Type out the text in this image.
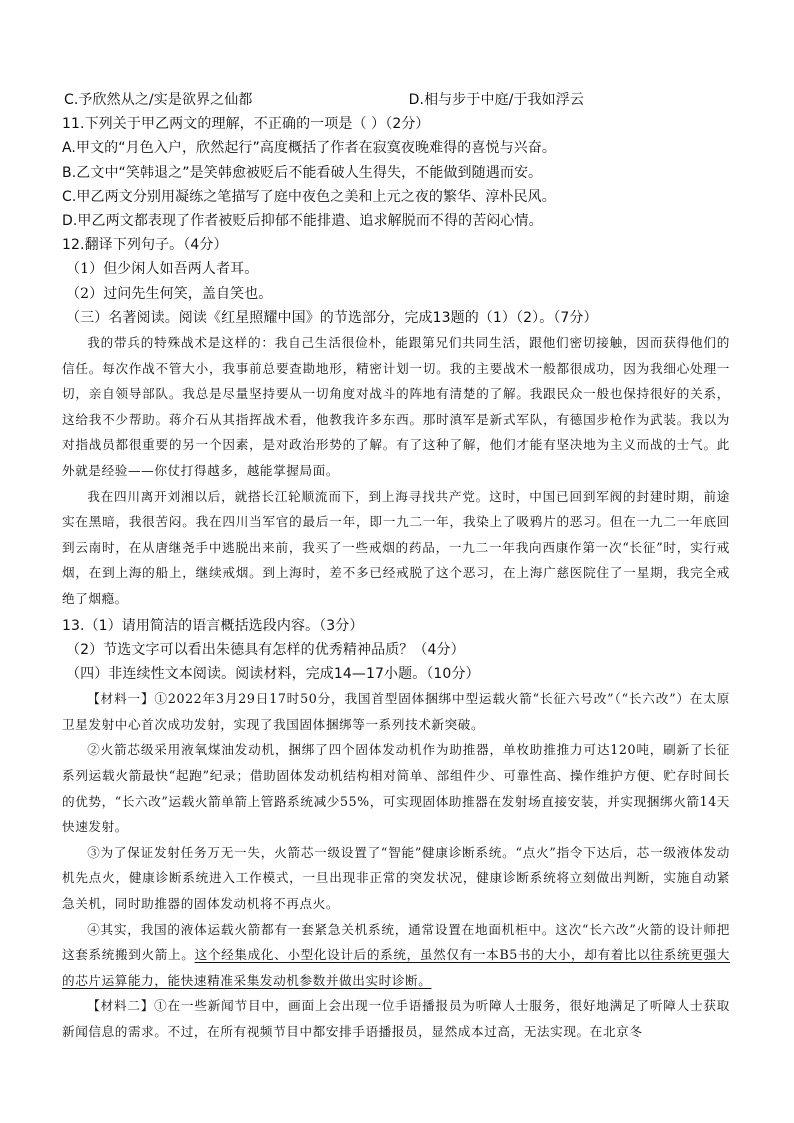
C.予欣然从之/实是欲界之仙都	D.相与步于中庭/于我如浮云
11.下列关于甲乙两文的理解，不正确的一项是（ ）（2分）
A.甲文的“月色入户，欣然起行”高度概括了作者在寂寞夜晚难得的喜悦与兴奋。
B.乙文中“笑韩退之”是笑韩愈被贬后不能看破人生得失，不能做到随遇而安。
C.甲乙两文分别用凝练之笔描写了庭中夜色之美和上元之夜的繁华、淳朴民风。
D.甲乙两文都表现了作者被贬后抑郁不能排遣、追求解脱而不得的苦闷心情。
12.翻译下列句子。（4分）
（1）但少闲人如吾两人者耳。
（2）过问先生何笑，盖自笑也。
（三）名著阅读。阅读《红星照耀中国》的节选部分，完成13题的（1）（2）。（7分）

我的带兵的特殊战术是这样的：我自己生活很俭朴，能跟第兄们共同生活，跟他们密切接触，因而获得他们的信任。每次作战不管大小，我事前总要查勘地形，精密计划一切。我的主要战术一般都很成功，因为我细心处理一切，亲自领导部队。我总是尽量坚持要从一切角度对战斗的阵地有清楚的了解。我跟民众一般也保持很好的关系，这给我不少帮助。蒋介石从其指挥战术看，他教我许多东西。那时滇军是新式军队，有德国步枪作为武装。我以为对指战员都很重要的另一个因素，是对政治形势的了解。有了这种了解，他们才能有坚决地为主义而战的士气。此外就是经验——你仗打得越多，越能掌握局面。

我在四川离开刘湘以后，就搭长江轮顺流而下，到上海寻找共产党。这时，中国已回到军阀的封建时期，前途实在黑暗，我很苦闷。我在四川当军官的最后一年，即一九二一年，我染上了吸鸦片的恶习。但在一九二一年底回到云南时，在从唐继尧手中逃脱出来前，我买了一些戒烟的药品，一九二一年我向西康作第一次“长征”时，实行戒烟，在到上海的船上，继续戒烟。到上海时，差不多已经戒脱了这个恶习，在上海广慈医院住了一星期，我完全戒绝了烟瘾。

13.（1）请用简洁的语言概括选段内容。（3分）
（2）节选文字可以看出朱德具有怎样的优秀精神品质？（4分）
（四）非连续性文本阅读。阅读材料，完成14—17小题。（10分）

【材料一】①2022年3月29日17时50分，我国首型固体捆绑中型运载火箭“长征六号改”（“长六改”）在太原卫星发射中心首次成功发射，实现了我国固体捆绑等一系列技术新突破。

②火箭芯级采用液氧煤油发动机，捆绑了四个固体发动机作为助推器，单枚助推推力可达120吨，刷新了长征系列运载火箭最快“起跑”纪录；借助固体发动机结构相对简单、部组件少、可靠性高、操作维护方便、贮存时间长的优势，“长六改”运载火箭单箭上管路系统减少55%，可实现固体助推器在发射场直接安装，并实现捆绑火箭14天快速发射。

③为了保证发射任务万无一失，火箭芯一级设置了“智能”健康诊断系统。“点火”指令下达后，芯一级液体发动机先点火，健康诊断系统进入工作模式，一旦出现非正常的突发状况，健康诊断系统将立刻做出判断，实施自动紧急关机，同时助推器的固体发动机将不再点火。

④其实，我国的液体运载火箭都有一套紧急关机系统，通常设置在地面机柜中。这次“长六改”火箭的设计师把这套系统搬到火箭上。这个经集成化、小型化设计后的系统，虽然仅有一本B5书的大小，却有着比以往系统更强大的芯片运算能力，能快速精准采集发动机参数并做出实时诊断。

【材料二】①在一些新闻节目中，画面上会出现一位手语播报员为听障人士服务，很好地满足了听障人士获取新闻信息的需求。不过，在所有视频节目中都安排手语播报员，显然成本过高，无法实现。在北京冬
